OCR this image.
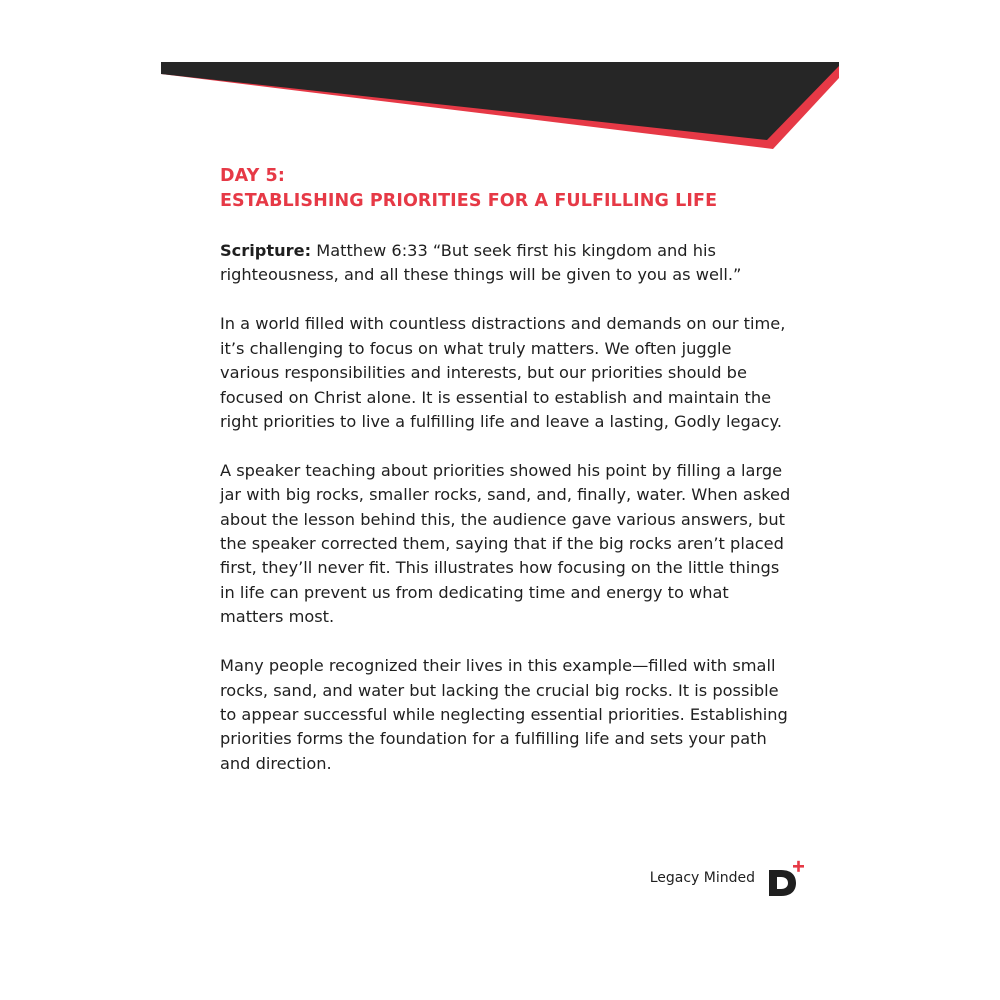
DAY 5:
ESTABLISHING PRIORITIES FOR A FULFILLING LIFE

Scripture: Matthew 6:33 “But seek first his kingdom and his righteousness, and all these things will be given to you as well.”

In a world filled with countless distractions and demands on our time, it’s challenging to focus on what truly matters. We often juggle various responsibilities and interests, but our priorities should be focused on Christ alone. It is essential to establish and maintain the right priorities to live a fulfilling life and leave a lasting, Godly legacy.

A speaker teaching about priorities showed his point by filling a large jar with big rocks, smaller rocks, sand, and, finally, water. When asked about the lesson behind this, the audience gave various answers, but the speaker corrected them, saying that if the big rocks aren’t placed first, they’ll never fit. This illustrates how focusing on the little things in life can prevent us from dedicating time and energy to what matters most.

Many people recognized their lives in this example—filled with small rocks, sand, and water but lacking the crucial big rocks. It is possible to appear successful while neglecting essential priorities. Establishing priorities forms the foundation for a fulfilling life and sets your path and direction.

Legacy Minded
